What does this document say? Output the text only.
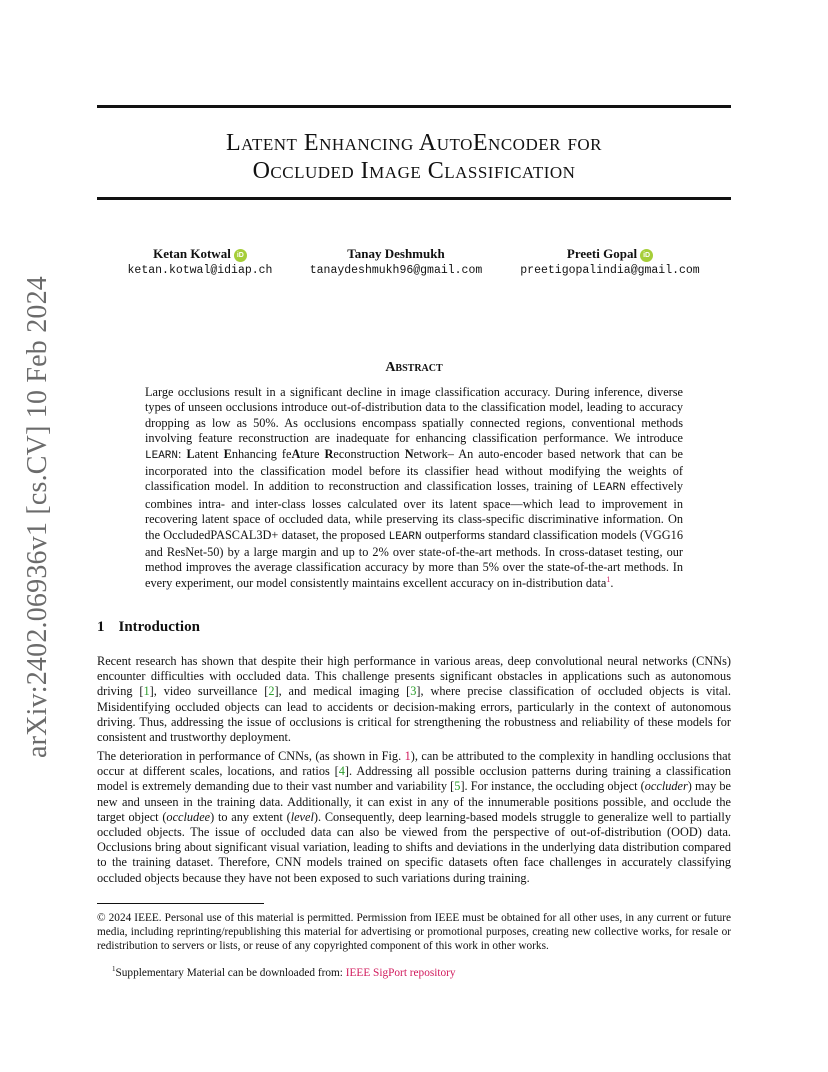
arXiv:2402.06936v1 [cs.CV] 10 Feb 2024
Latent Enhancing AutoEncoder for
Occluded Image Classification
Ketan Kotwal iD
ketan.kotwal@idiap.ch
Tanay Deshmukh
tanaydeshmukh96@gmail.com
Preeti Gopal iD
preetigopalindia@gmail.com
Abstract
Large occlusions result in a significant decline in image classification accuracy. During inference, diverse types of unseen occlusions introduce out-of-distribution data to the classification model, leading to accuracy dropping as low as 50%. As occlusions encompass spatially connected regions, conventional methods involving feature reconstruction are inadequate for enhancing classification performance. We introduce LEARN: Latent Enhancing feAture Reconstruction Network– An auto-encoder based network that can be incorporated into the classification model before its classifier head without modifying the weights of classification model. In addition to reconstruction and classification losses, training of LEARN effectively combines intra- and inter-class losses calculated over its latent space—which lead to improvement in recovering latent space of occluded data, while preserving its class-specific discriminative information. On the OccludedPASCAL3D+ dataset, the proposed LEARN outperforms standard classification models (VGG16 and ResNet-50) by a large margin and up to 2% over state-of-the-art methods. In cross-dataset testing, our method improves the average classification accuracy by more than 5% over the state-of-the-art methods. In every experiment, our model consistently maintains excellent accuracy on in-distribution data$^1$.
1 Introduction
Recent research has shown that despite their high performance in various areas, deep convolutional neural networks (CNNs) encounter difficulties with occluded data. This challenge presents significant obstacles in applications such as autonomous driving [1], video surveillance [2], and medical imaging [3], where precise classification of occluded objects is vital. Misidentifying occluded objects can lead to accidents or decision-making errors, particularly in the context of autonomous driving. Thus, addressing the issue of occlusions is critical for strengthening the robustness and reliability of these models for consistent and trustworthy deployment.
The deterioration in performance of CNNs, (as shown in Fig. 1), can be attributed to the complexity in handling occlusions that occur at different scales, locations, and ratios [4]. Addressing all possible occlusion patterns during training a classification model is extremely demanding due to their vast number and variability [5]. For instance, the occluding object (occluder) may be new and unseen in the training data. Additionally, it can exist in any of the innumerable positions possible, and occlude the target object (occludee) to any extent (level). Consequently, deep learning-based models struggle to generalize well to partially occluded objects. The issue of occluded data can also be viewed from the perspective of out-of-distribution (OOD) data. Occlusions bring about significant visual variation, leading to shifts and deviations in the underlying data distribution compared to the training dataset. Therefore, CNN models trained on specific datasets often face challenges in accurately classifying occluded objects because they have not been exposed to such variations during training.
© 2024 IEEE. Personal use of this material is permitted. Permission from IEEE must be obtained for all other uses, in any current or future media, including reprinting/republishing this material for advertising or promotional purposes, creating new collective works, for resale or redistribution to servers or lists, or reuse of any copyrighted component of this work in other works.
$^1$Supplementary Material can be downloaded from: IEEE SigPort repository
